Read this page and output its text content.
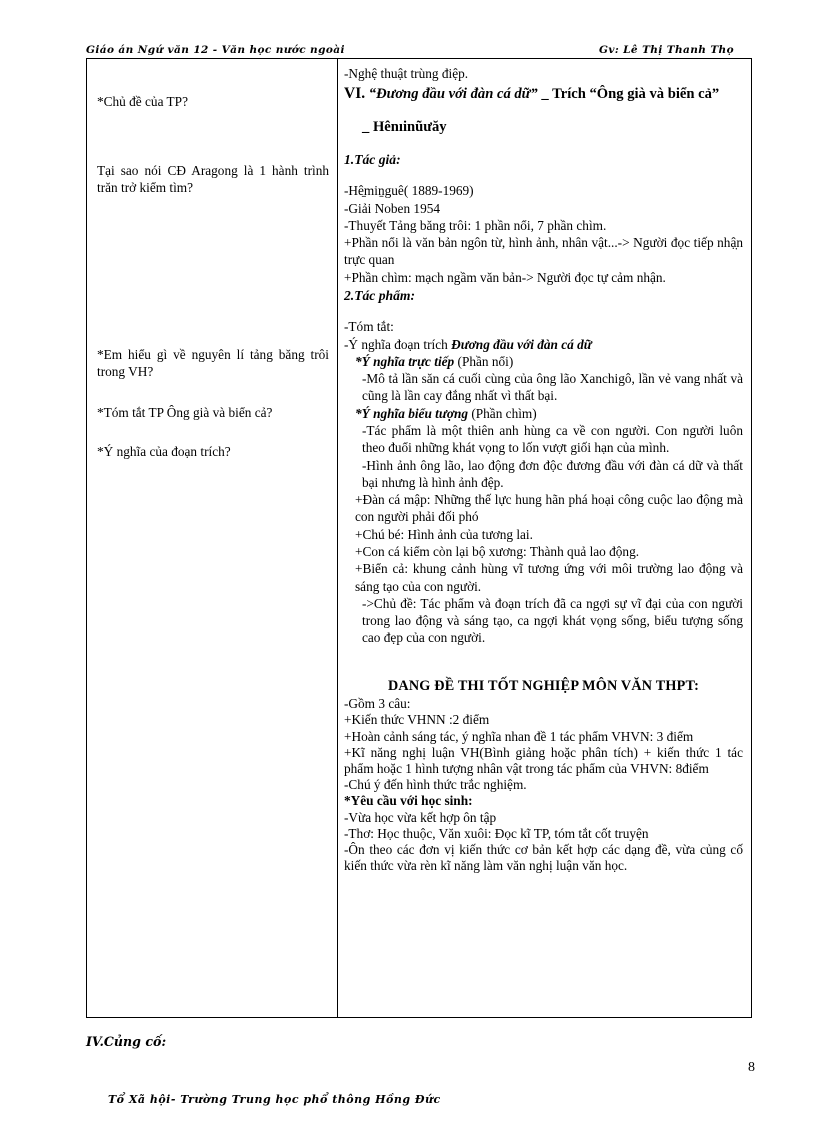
Giáo án Ngứ văn 12 - Văn học nước ngoài	Gv: Lê Thị Thanh Thọ

*Chủ đề của TP?

Tại sao nói CĐ Aragong là 1 hành trình trăn trở kiểm tìm?

*Em hiểu gì về nguyên lí tảng băng trôi trong VH?

*Tóm tắt TP Ông già và biển cả?

*Ý nghĩa của đoạn trích?

-Nghệ thuật trùng điệp.

VI. “Đương đầu với đàn cá dữ” _ Trích “Ông già và biển cả”

_ Hênıinũưăy

1.Tác giả:

-Hê̱miṉguê( 1889-1969)

-Giải Noben 1954

-Thuyết Tảng băng trôi: 1 phần nổi, 7 phần chìm.

+Phần nổi là văn bản ngôn từ, hình ảnh, nhân vật...-> Người đọc tiếp nhậ̣n trực quan

+Phần chìm: mạch ngầm văn bản-> Người đọc tự cảm nhận.

2.Tác phẩm:

-Tóm tắt:

-Ý nghĩa đoạn trích Đương đầu với đàn cá dữ

*Ý nghĩa trực tiếp (Phần nổi)

-Mô tả lần săn cá cuối cùng của ông lão Xanchigô, lần vẻ vang nhất và cũng là lần cay đắng nhất vì thất bại.

*Ý nghĩa biểu tượng (Phần chìm)

-Tác phẩm là một thiên anh hùng ca về con người. Con người luôn theo đuổi những khát vọng to lốn vượt giối hạn của mình.

-Hình ảnh ông lão, lao động đơn độc đương đầu với đàn cá dữ và thất bại nhưng là hình ảnh đệp.

+Đàn cá mập: Những thế lực hung hãn phá hoại công cuộc lao động mà con người phải đối phó

+Chú bé: Hình ảnh của tương lai.

+Con cá kiểm còn lại bộ xương: Thành quả lao động.

+Biển cả: khung cảnh hùng vĩ tương ứng với môi trường lao động và sáng tạo của con người.

->Chủ đề: Tác phẩm và đoạn trích đã ca ngợi sự vĩ đại của con người trong lao động và sáng tạo, ca ngợi khát vọng sống, biểu tượng sống cao đẹp của con người.

DANG ĐỀ THI TỐT NGHIỆP MÔN VĂN THPT:

-Gồm 3 câu:

+Kiến thức VHNN :2 điểm

+Hoàn cảnh sáng tác, ý nghĩa nhan đề 1 tác phẩm VHVN: 3 điểm

+Kĩ năng nghị luận VH(Bình giảng hoặc phân tích) + kiến thức 1 tác phẩm hoặc 1 hình tượng nhân vật trong tác phẩm của VHVN: 8điểm

-Chú ý đến hình thức trắc nghiệm.

*Yêu cầu với học sinh:

-Vừa học vừa kết hợp ôn tập

-Thơ: Học thuộc, Văn xuôi: Đọc kĩ TP, tóm tắt cốt truyện

-Ôn theo các đơn vị kiến thức cơ bản kết hợp các dạng đề, vừa củng cố kiến thức vừa rèn kĩ năng làm văn nghị luận văn học.

IV.Củng cố:
8
Tổ Xã hội- Trường Trung học phổ thông Hồng Đức
